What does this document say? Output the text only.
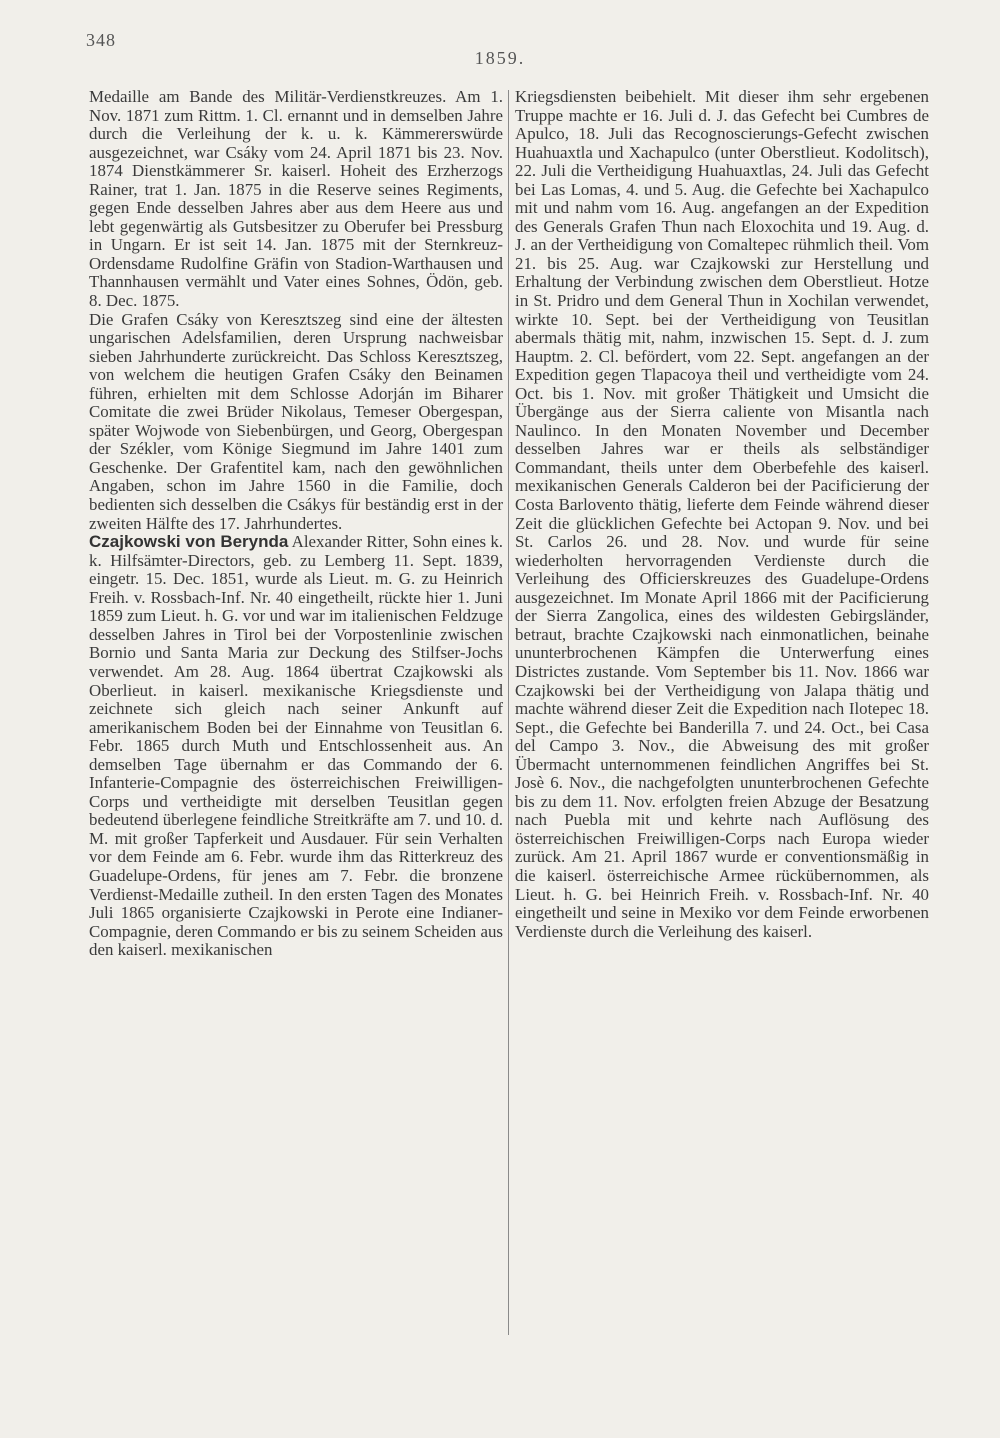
348
1859.

Medaille am Bande des Militär-Verdienstkreuzes. Am 1. Nov. 1871 zum Rittm. 1. Cl. ernannt und in demselben Jahre durch die Verleihung der k. u. k. Kämmererswürde ausgezeichnet, war Csáky vom 24. April 1871 bis 23. Nov. 1874 Dienstkämmerer Sr. kaiserl. Hoheit des Erzherzogs Rainer, trat 1. Jan. 1875 in die Reserve seines Regiments, gegen Ende desselben Jahres aber aus dem Heere aus und lebt gegenwärtig als Gutsbesitzer zu Oberufer bei Pressburg in Ungarn. Er ist seit 14. Jan. 1875 mit der Sternkreuz-Ordensdame Rudolfine Gräfin von Stadion-Warthausen und Thannhausen vermählt und Vater eines Sohnes, Ödön, geb. 8. Dec. 1875.

Die Grafen Csáky von Keresztszeg sind eine der ältesten ungarischen Adelsfamilien, deren Ursprung nachweisbar sieben Jahrhunderte zurückreicht. Das Schloss Keresztszeg, von welchem die heutigen Grafen Csáky den Beinamen führen, erhielten mit dem Schlosse Adorján im Biharer Comitate die zwei Brüder Nikolaus, Temeser Obergespan, später Wojwode von Siebenbürgen, und Georg, Obergespan der Székler, vom Könige Siegmund im Jahre 1401 zum Geschenke. Der Grafentitel kam, nach den gewöhnlichen Angaben, schon im Jahre 1560 in die Familie, doch bedienten sich desselben die Csákys für beständig erst in der zweiten Hälfte des 17. Jahrhundertes.

Czajkowski von Berynda Alexander Ritter, Sohn eines k. k. Hilfsämter-Directors, geb. zu Lemberg 11. Sept. 1839, eingetr. 15. Dec. 1851, wurde als Lieut. m. G. zu Heinrich Freih. v. Rossbach-Inf. Nr. 40 eingetheilt, rückte hier 1. Juni 1859 zum Lieut. h. G. vor und war im italienischen Feldzuge desselben Jahres in Tirol bei der Vorpostenlinie zwischen Bornio und Santa Maria zur Deckung des Stilfser-Jochs verwendet. Am 28. Aug. 1864 übertrat Czajkowski als Oberlieut. in kaiserl. mexikanische Kriegsdienste und zeichnete sich gleich nach seiner Ankunft auf amerikanischem Boden bei der Einnahme von Teusitlan 6. Febr. 1865 durch Muth und Entschlossenheit aus. An demselben Tage übernahm er das Commando der 6. Infanterie-Compagnie des österreichischen Freiwilligen-Corps und vertheidigte mit derselben Teusitlan gegen bedeutend überlegene feindliche Streitkräfte am 7. und 10. d. M. mit großer Tapferkeit und Ausdauer. Für sein Verhalten vor dem Feinde am 6. Febr. wurde ihm das Ritterkreuz des Guadelupe-Ordens, für jenes am 7. Febr. die bronzene Verdienst-Medaille zutheil. In den ersten Tagen des Monates Juli 1865 organisierte Czajkowski in Perote eine Indianer-Compagnie, deren Commando er bis zu seinem Scheiden aus den kaiserl. mexikanischen

Kriegsdiensten beibehielt. Mit dieser ihm sehr ergebenen Truppe machte er 16. Juli d. J. das Gefecht bei Cumbres de Apulco, 18. Juli das Recognoscierungs-Gefecht zwischen Huahuaxtla und Xachapulco (unter Oberstlieut. Kodolitsch), 22. Juli die Vertheidigung Huahuaxtlas, 24. Juli das Gefecht bei Las Lomas, 4. und 5. Aug. die Gefechte bei Xachapulco mit und nahm vom 16. Aug. angefangen an der Expedition des Generals Grafen Thun nach Eloxochita und 19. Aug. d. J. an der Vertheidigung von Comaltepec rühmlich theil. Vom 21. bis 25. Aug. war Czajkowski zur Herstellung und Erhaltung der Verbindung zwischen dem Oberstlieut. Hotze in St. Pridro und dem General Thun in Xochilan verwendet, wirkte 10. Sept. bei der Vertheidigung von Teusitlan abermals thätig mit, nahm, inzwischen 15. Sept. d. J. zum Hauptm. 2. Cl. befördert, vom 22. Sept. angefangen an der Expedition gegen Tlapacoya theil und vertheidigte vom 24. Oct. bis 1. Nov. mit großer Thätigkeit und Umsicht die Übergänge aus der Sierra caliente von Misantla nach Naulinco. In den Monaten November und December desselben Jahres war er theils als selbständiger Commandant, theils unter dem Oberbefehle des kaiserl. mexikanischen Generals Calderon bei der Pacificierung der Costa Barlovento thätig, lieferte dem Feinde während dieser Zeit die glücklichen Gefechte bei Actopan 9. Nov. und bei St. Carlos 26. und 28. Nov. und wurde für seine wiederholten hervorragenden Verdienste durch die Verleihung des Officierskreuzes des Guadelupe-Ordens ausgezeichnet. Im Monate April 1866 mit der Pacificierung der Sierra Zangolica, eines des wildesten Gebirgsländer, betraut, brachte Czajkowski nach einmonatlichen, beinahe ununterbrochenen Kämpfen die Unterwerfung eines Districtes zustande. Vom September bis 11. Nov. 1866 war Czajkowski bei der Vertheidigung von Jalapa thätig und machte während dieser Zeit die Expedition nach Ilotepec 18. Sept., die Gefechte bei Banderilla 7. und 24. Oct., bei Casa del Campo 3. Nov., die Abweisung des mit großer Übermacht unternommenen feindlichen Angriffes bei St. Josè 6. Nov., die nachgefolgten ununterbrochenen Gefechte bis zu dem 11. Nov. erfolgten freien Abzuge der Besatzung nach Puebla mit und kehrte nach Auflösung des österreichischen Freiwilligen-Corps nach Europa wieder zurück. Am 21. April 1867 wurde er conventionsmäßig in die kaiserl. österreichische Armee rückübernommen, als Lieut. h. G. bei Heinrich Freih. v. Rossbach-Inf. Nr. 40 eingetheilt und seine in Mexiko vor dem Feinde erworbenen Verdienste durch die Verleihung des kaiserl.
